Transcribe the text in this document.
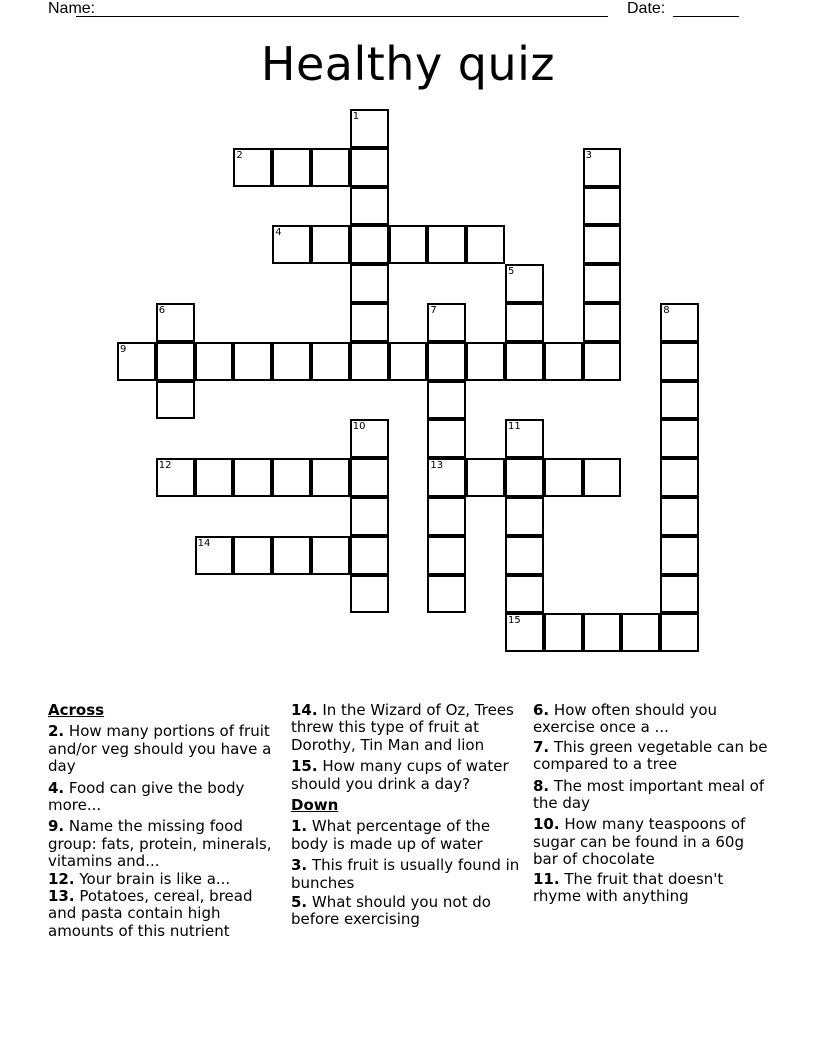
Name:	Date:
Healthy quiz
1
2	3
4
5
6	7
13
8
9
10	11
15
12
14
Across
2. How many portions of fruit and/or veg should you have a day
4. Food can give the body more...
9. Name the missing food group: fats, protein, minerals, vitamins and...
12. Your brain is like a...
13. Potatoes, cereal, bread and pasta contain high amounts of this nutrient
14. In the Wizard of Oz, Trees threw this type of fruit at Dorothy, Tin Man and lion
15. How many cups of water should you drink a day?
Down
1. What percentage of the body is made up of water
3. This fruit is usually found in bunches
5. What should you not do before exercising
6. How often should you exercise once a ...
7. This green vegetable can be compared to a tree
8. The most important meal of the day
10. How many teaspoons of sugar can be found in a 60g bar of chocolate
11. The fruit that doesn't rhyme with anything
